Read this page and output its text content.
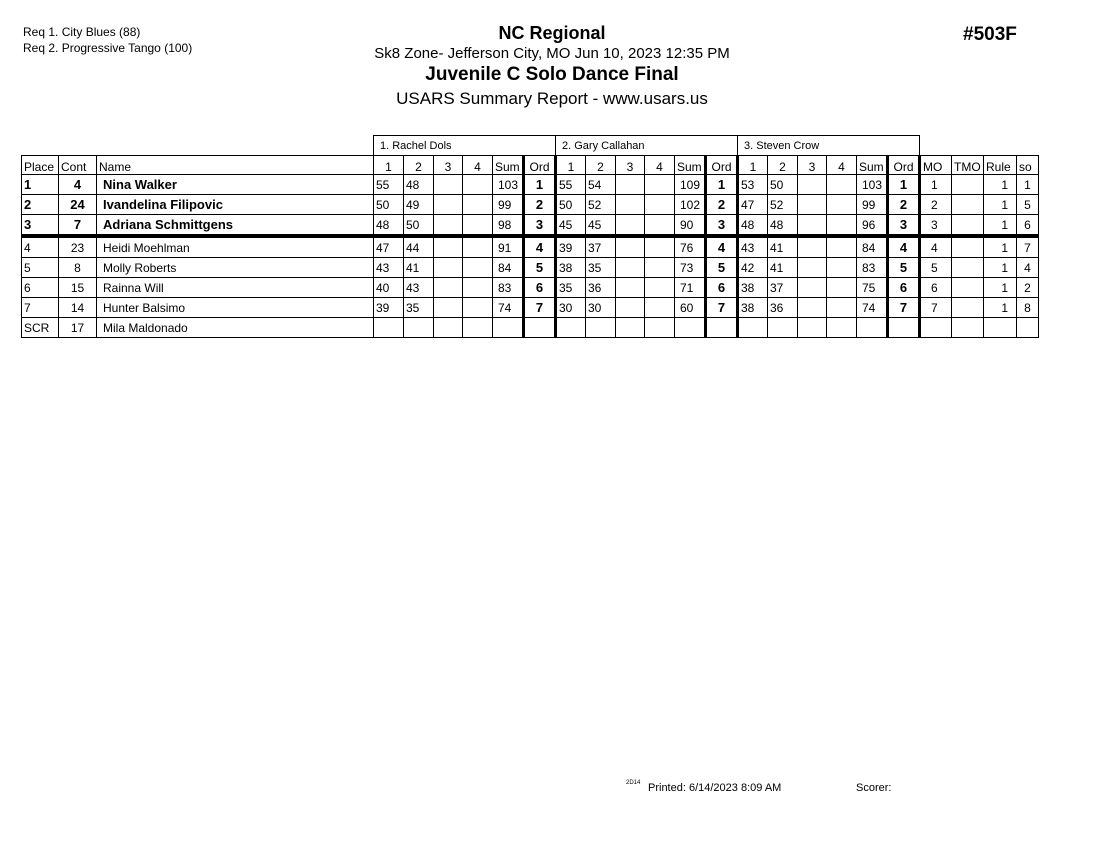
Req 1. City Blues (88)
Req 2. Progressive Tango (100)
NC Regional
Sk8 Zone- Jefferson City, MO Jun 10, 2023 12:35 PM
Juvenile C Solo Dance Final
USARS Summary Report - www.usars.us
#503F
			1. Rachel Dols						2. Gary Callahan						3. Steven Crow									
Place	Cont	Name	1	2	3	4	Sum	Ord	1	2	3	4	Sum	Ord	1	2	3	4	Sum	Ord	MO	TMO	Rule	so
1	4	Nina Walker	55	48			103	1	55	54			109	1	53	50			103	1	1		1	1
2	24	Ivandelina Filipovic	50	49			99	2	50	52			102	2	47	52			99	2	2		1	5
3	7	Adriana Schmittgens	48	50			98	3	45	45			90	3	48	48			96	3	3		1	6
4	23	Heidi Moehlman	47	44			91	4	39	37			76	4	43	41			84	4	4		1	7
5	8	Molly Roberts	43	41			84	5	38	35			73	5	42	41			83	5	5		1	4
6	15	Rainna Will	40	43			83	6	35	36			71	6	38	37			75	6	6		1	2
7	14	Hunter Balsimo	39	35			74	7	30	30			60	7	38	36			74	7	7		1	8
SCR	17	Mila Maldonado																						
2D14 Printed: 6/14/2023 8:09 AM	Scorer:
